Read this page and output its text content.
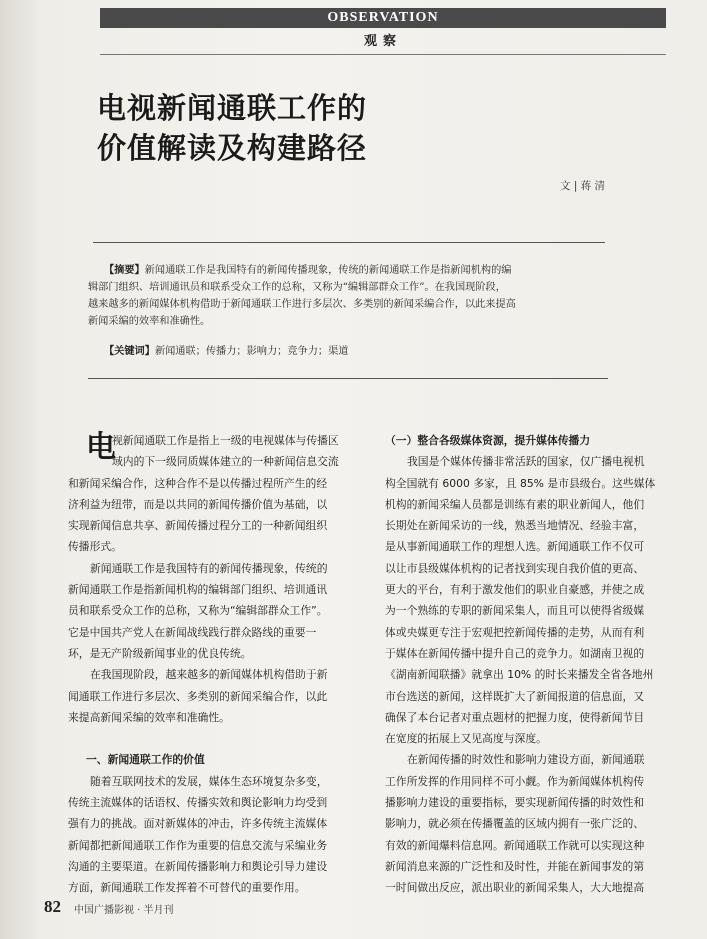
OBSERVATION
观察
电视新闻通联工作的
价值解读及构建路径
文 | 蒋 清
【摘要】新闻通联工作是我国特有的新闻传播现象，传统的新闻通联工作是指新闻机构的编
辑部门组织、培训通讯员和联系受众工作的总称，又称为“编辑部群众工作”。在我国现阶段，
越来越多的新闻媒体机构借助于新闻通联工作进行多层次、多类别的新闻采编合作，以此来提高
新闻采编的效率和准确性。
【关键词】新闻通联；传播力；影响力；竞争力；渠道
电
视新闻通联工作是指上一级的电视媒体与传播区
域内的下一级同质媒体建立的一种新闻信息交流
和新闻采编合作，这种合作不是以传播过程所产生的经
济利益为纽带，而是以共同的新闻传播价值为基础，以
实现新闻信息共享、新闻传播过程分工的一种新闻组织
传播形式。
新闻通联工作是我国特有的新闻传播现象，传统的
新闻通联工作是指新闻机构的编辑部门组织、培训通讯
员和联系受众工作的总称，又称为“编辑部群众工作”。
它是中国共产党人在新闻战线践行群众路线的重要一
环，是无产阶级新闻事业的优良传统。
在我国现阶段，越来越多的新闻媒体机构借助于新
闻通联工作进行多层次、多类别的新闻采编合作，以此
来提高新闻采编的效率和准确性。
一、新闻通联工作的价值
随着互联网技术的发展，媒体生态环境复杂多变，
传统主流媒体的话语权、传播实效和舆论影响力均受到
强有力的挑战。面对新媒体的冲击，许多传统主流媒体
新闻都把新闻通联工作作为重要的信息交流与采编业务
沟通的主要渠道。在新闻传播影响力和舆论引导力建设
方面，新闻通联工作发挥着不可替代的重要作用。
（一）整合各级媒体资源，提升媒体传播力
我国是个媒体传播非常活跃的国家，仅广播电视机
构全国就有 6000 多家，且 85% 是市县级台。这些媒体
机构的新闻采编人员都是训练有素的职业新闻人，他们
长期处在新闻采访的一线，熟悉当地情况、经验丰富，
是从事新闻通联工作的理想人选。新闻通联工作不仅可
以让市县级媒体机构的记者找到实现自我价值的更高、
更大的平台，有利于激发他们的职业自豪感，并使之成
为一个熟练的专职的新闻采集人，而且可以使得省级媒
体或央媒更专注于宏观把控新闻传播的走势，从而有利
于媒体在新闻传播中提升自己的竞争力。如湖南卫视的
《湖南新闻联播》就拿出 10% 的时长来播发全省各地州
市台选送的新闻，这样既扩大了新闻报道的信息面，又
确保了本台记者对重点题材的把握力度，使得新闻节目
在宽度的拓展上又见高度与深度。
在新闻传播的时效性和影响力建设方面，新闻通联
工作所发挥的作用同样不可小觑。作为新闻媒体机构传
播影响力建设的重要指标，要实现新闻传播的时效性和
影响力，就必须在传播覆盖的区域内拥有一张广泛的、
有效的新闻爆料信息网。新闻通联工作就可以实现这种
新闻消息来源的广泛性和及时性，并能在新闻事发的第
一时间做出反应，派出职业的新闻采集人，大大地提高
82 中国广播影视 · 半月刊
